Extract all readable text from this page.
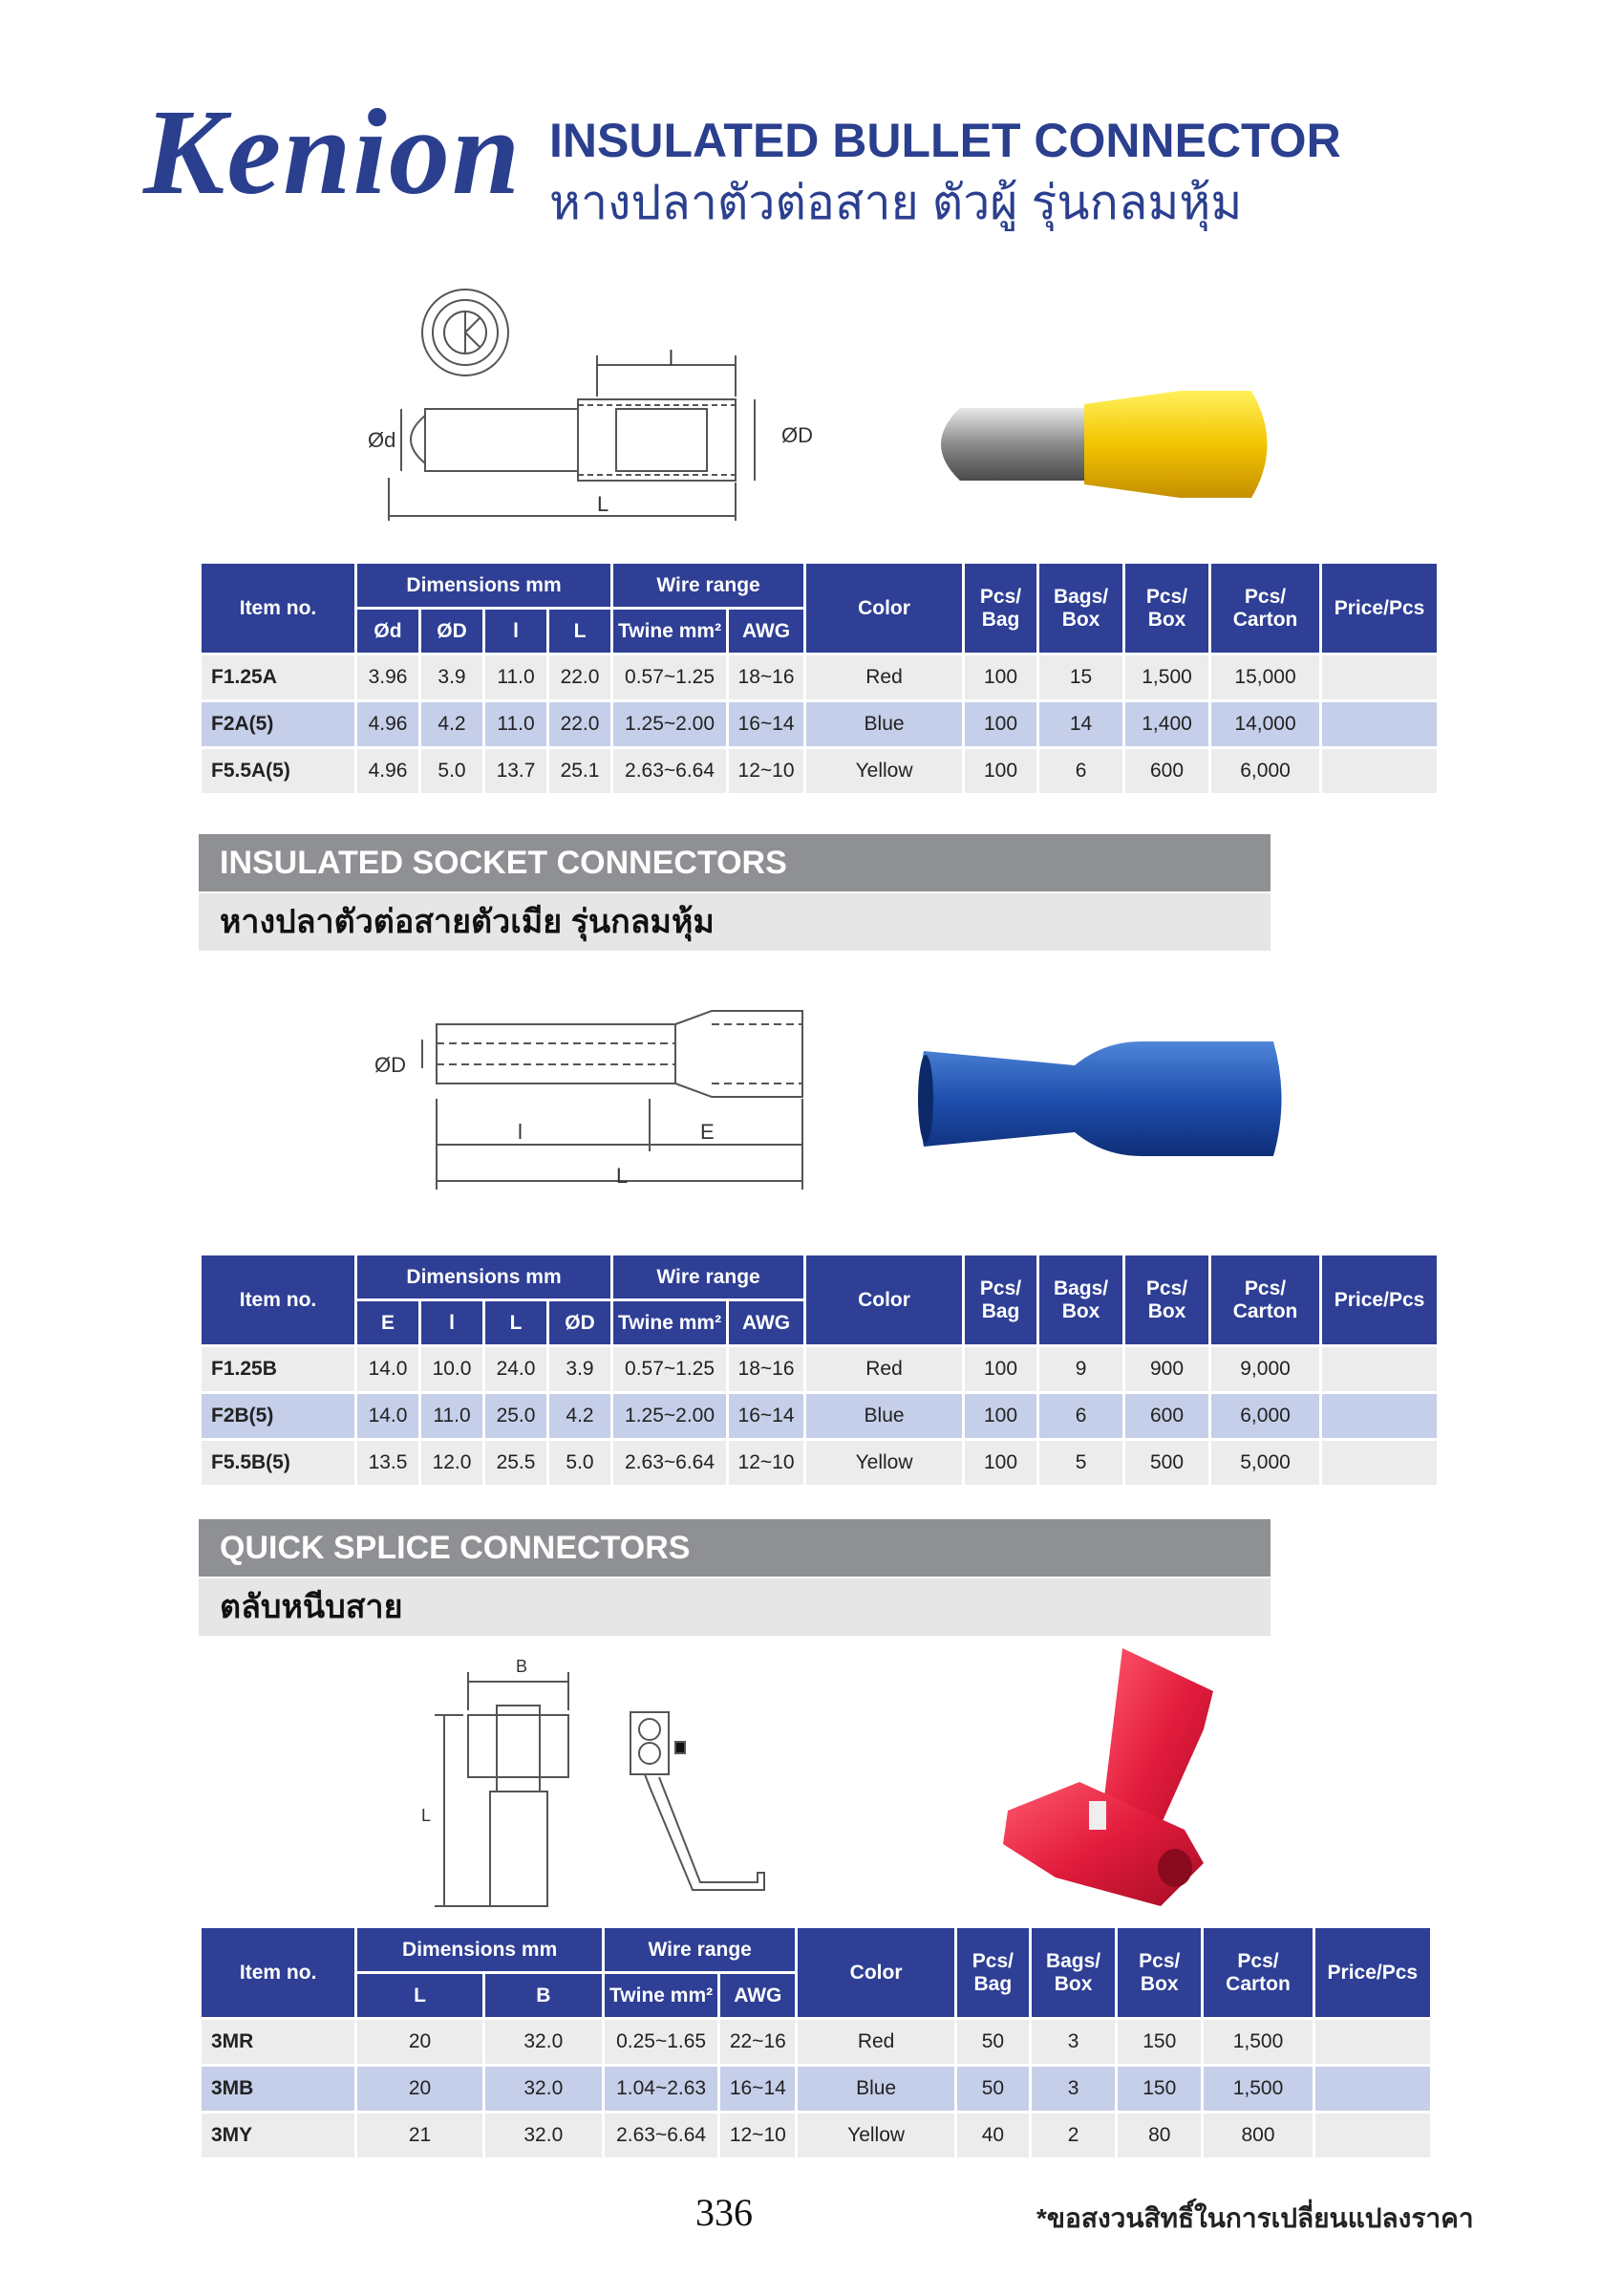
Kenion INSULATED BULLET CONNECTOR
หางปลาตัวต่อสาย ตัวผู้ รุ่นกลมหุ้ม
Ød	ØD
l
L
Item no.	Dimensions mm				Wire range		Color	Pcs/ Bag	Bags/ Box	Pcs/ Box	Pcs/ Carton	Price/Pcs
	Ød	ØD	l	L	Twine mm²	AWG						
F1.25A	3.96	3.9	11.0	22.0	0.57~1.25	18~16	Red	100	15	1,500	15,000	
F2A(5)	4.96	4.2	11.0	22.0	1.25~2.00	16~14	Blue	100	14	1,400	14,000	
F5.5A(5)	4.96	5.0	13.7	25.1	2.63~6.64	12~10	Yellow	100	6	600	6,000	
INSULATED SOCKET CONNECTORS
หางปลาตัวต่อสายตัวเมีย รุ่นกลมหุ้ม
ØD
l	E
L
Item no.	Dimensions mm				Wire range		Color	Pcs/ Bag	Bags/ Box	Pcs/ Box	Pcs/ Carton	Price/Pcs
	E	l	L	ØD	Twine mm²	AWG						
F1.25B	14.0	10.0	24.0	3.9	0.57~1.25	18~16	Red	100	9	900	9,000	
F2B(5)	14.0	11.0	25.0	4.2	1.25~2.00	16~14	Blue	100	6	600	6,000	
F5.5B(5)	13.5	12.0	25.5	5.0	2.63~6.64	12~10	Yellow	100	5	500	5,000	
QUICK SPLICE CONNECTORS
ตลับหนีบสาย
B
L
Item no.	Dimensions mm		Wire range		Color	Pcs/ Bag	Bags/ Box	Pcs/ Box	Pcs/ Carton	Price/Pcs
	L	B	Twine mm²	AWG						
3MR	20	32.0	0.25~1.65	22~16	Red	50	3	150	1,500	
3MB	20	32.0	1.04~2.63	16~14	Blue	50	3	150	1,500	
3MY	21	32.0	2.63~6.64	12~10	Yellow	40	2	80	800	
336	*ขอสงวนสิทธิ์ในการเปลี่ยนแปลงราคา
